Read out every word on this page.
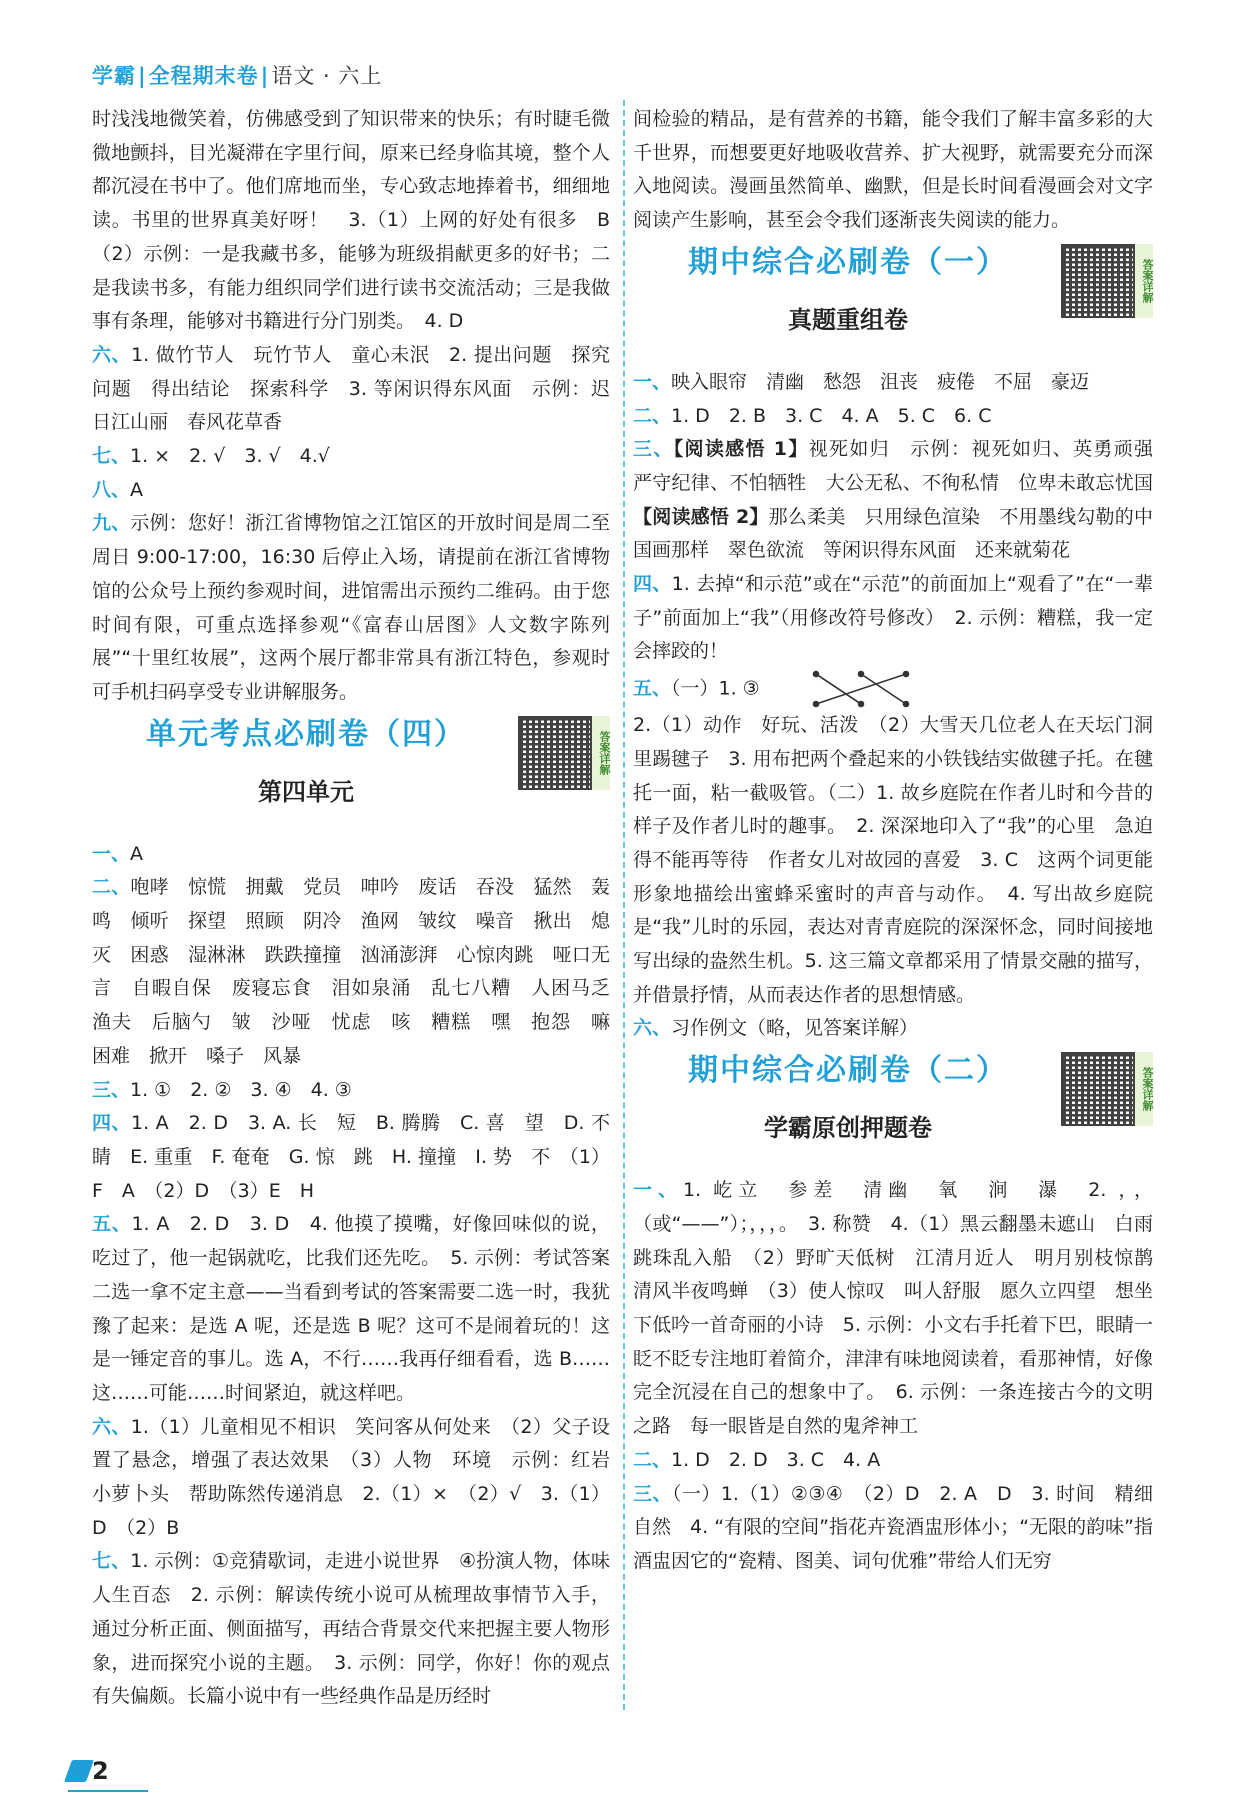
学霸|全程期末卷|语文 · 六上

时浅浅地微笑着，仿佛感受到了知识带来的快乐；有时睫毛微微地颤抖，目光凝滞在字里行间，原来已经身临其境，整个人都沉浸在书中了。他们席地而坐，专心致志地捧着书，细细地读。书里的世界真美好呀！　3.（1）上网的好处有很多　B　（2）示例：一是我藏书多，能够为班级捐献更多的好书；二是我读书多，有能力组织同学们进行读书交流活动；三是我做事有条理，能够对书籍进行分门别类。　4. D

六、1. 做竹节人　玩竹节人　童心未泯　2. 提出问题　探究问题　得出结论　探索科学　3. 等闲识得东风面　示例：迟日江山丽　春风花草香

七、1. ×　2. √　3. √　4.√

八、A

九、示例：您好！浙江省博物馆之江馆区的开放时间是周二至周日 9:00-17:00，16:30 后停止入场，请提前在浙江省博物馆的公众号上预约参观时间，进馆需出示预约二维码。由于您时间有限，可重点选择参观“《富春山居图》人文数字陈列展”“十里红妆展”，这两个展厅都非常具有浙江特色，参观时可手机扫码享受专业讲解服务。

单元考点必刷卷（四）
第四单元
答案详解

一、A

二、咆哮　惊慌　拥戴　党员　呻吟　废话　吞没　猛然　轰鸣　倾听　探望　照顾　阴冷　渔网　皱纹　噪音　揪出　熄灭　困惑　湿淋淋　跌跌撞撞　汹涌澎湃　心惊肉跳　哑口无言　自暇自保　废寝忘食　泪如泉涌　乱七八糟　人困马乏　渔夫　后脑勺　皱　沙哑　忧虑　咳　糟糕　嘿　抱怨　嘛　困难　掀开　嗓子　风暴

三、1. ①　2. ②　3. ④　4. ③

四、1. A　2. D　3. A. 长　短　B. 腾腾　C. 喜　望　D. 不　睛　E. 重重　F. 奄奄　G. 惊　跳　H. 撞撞　I. 势　不　（1）F　A　（2）D　（3）E　H

五、1. A　2. D　3. D　4. 他摸了摸嘴，好像回味似的说，吃过了，他一起锅就吃，比我们还先吃。　5. 示例：考试答案二选一拿不定主意——当看到考试的答案需要二选一时，我犹豫了起来：是选 A 呢，还是选 B 呢？这可不是闹着玩的！这是一锤定音的事儿。选 A，不行……我再仔细看看，选 B……这……可能……时间紧迫，就这样吧。

六、1.（1）儿童相见不相识　笑问客从何处来　（2）父子设置了悬念，增强了表达效果　（3）人物　环境　示例：红岩　小萝卜头　帮助陈然传递消息　2.（1）×　（2）√　3.（1）D　（2）B

七、1. 示例：①竞猜歇词，走进小说世界　④扮演人物，体味人生百态　2. 示例：解读传统小说可从梳理故事情节入手，通过分析正面、侧面描写，再结合背景交代来把握主要人物形象，进而探究小说的主题。　3. 示例：同学，你好！你的观点有失偏颇。长篇小说中有一些经典作品是历经时

间检验的精品，是有营养的书籍，能令我们了解丰富多彩的大千世界，而想要更好地吸收营养、扩大视野，就需要充分而深入地阅读。漫画虽然简单、幽默，但是长时间看漫画会对文字阅读产生影响，甚至会令我们逐渐丧失阅读的能力。

期中综合必刷卷（一）
真题重组卷
答案详解

一、映入眼帘　清幽　愁怨　沮丧　疲倦　不屈　豪迈

二、1. D　2. B　3. C　4. A　5. C　6. C

三、【阅读感悟 1】视死如归　示例：视死如归、英勇顽强　严守纪律、不怕牺牲　大公无私、不徇私情　位卑未敢忘忧国　【阅读感悟 2】那么柔美　只用绿色渲染　不用墨线勾勒的中国画那样　翠色欲流　等闲识得东风面　还来就菊花

四、1. 去掉“和示范”或在“示范”的前面加上“观看了”在“一辈子”前面加上“我”（用修改符号修改）　2. 示例：糟糕，我一定会摔跤的！

五、（一）1. ③

2.（1）动作　好玩、活泼　（2）大雪天几位老人在天坛门洞里踢毽子　3. 用布把两个叠起来的小铁钱结实做毽子托。在毽托一面，粘一截吸管。（二）1. 故乡庭院在作者儿时和今昔的样子及作者儿时的趣事。　2. 深深地印入了“我”的心里　急迫得不能再等待　作者女儿对故园的喜爱　3. C　这两个词更能形象地描绘出蜜蜂采蜜时的声音与动作。　4. 写出故乡庭院是“我”儿时的乐园，表达对青青庭院的深深怀念，同时间接地写出绿的盎然生机。5. 这三篇文章都采用了情景交融的描写，并借景抒情，从而表达作者的思想情感。

六、习作例文（略，见答案详解）

期中综合必刷卷（二）
学霸原创押题卷
答案详解

一、1. 屹立　参差　清幽　氧　涧　瀑　2. ，，（或“——”）；，，，。　3. 称赞　4.（1）黑云翻墨未遮山　白雨跳珠乱入船　（2）野旷天低树　江清月近人　明月别枝惊鹊　清风半夜鸣蝉　（3）使人惊叹　叫人舒服　愿久立四望　想坐下低吟一首奇丽的小诗　5. 示例：小文右手托着下巴，眼睛一眨不眨专注地盯着简介，津津有味地阅读着，看那神情，好像完全沉浸在自己的想象中了。　6. 示例：一条连接古今的文明之路　每一眼皆是自然的鬼斧神工

二、1. D　2. D　3. C　4. A

三、（一）1.（1）②③④　（2）D　2. A　D　3. 时间　精细　自然　4. “有限的空间”指花卉瓷酒盅形体小；“无限的韵味”指酒盅因它的“瓷精、图美、词句优雅”带给人们无穷

2
